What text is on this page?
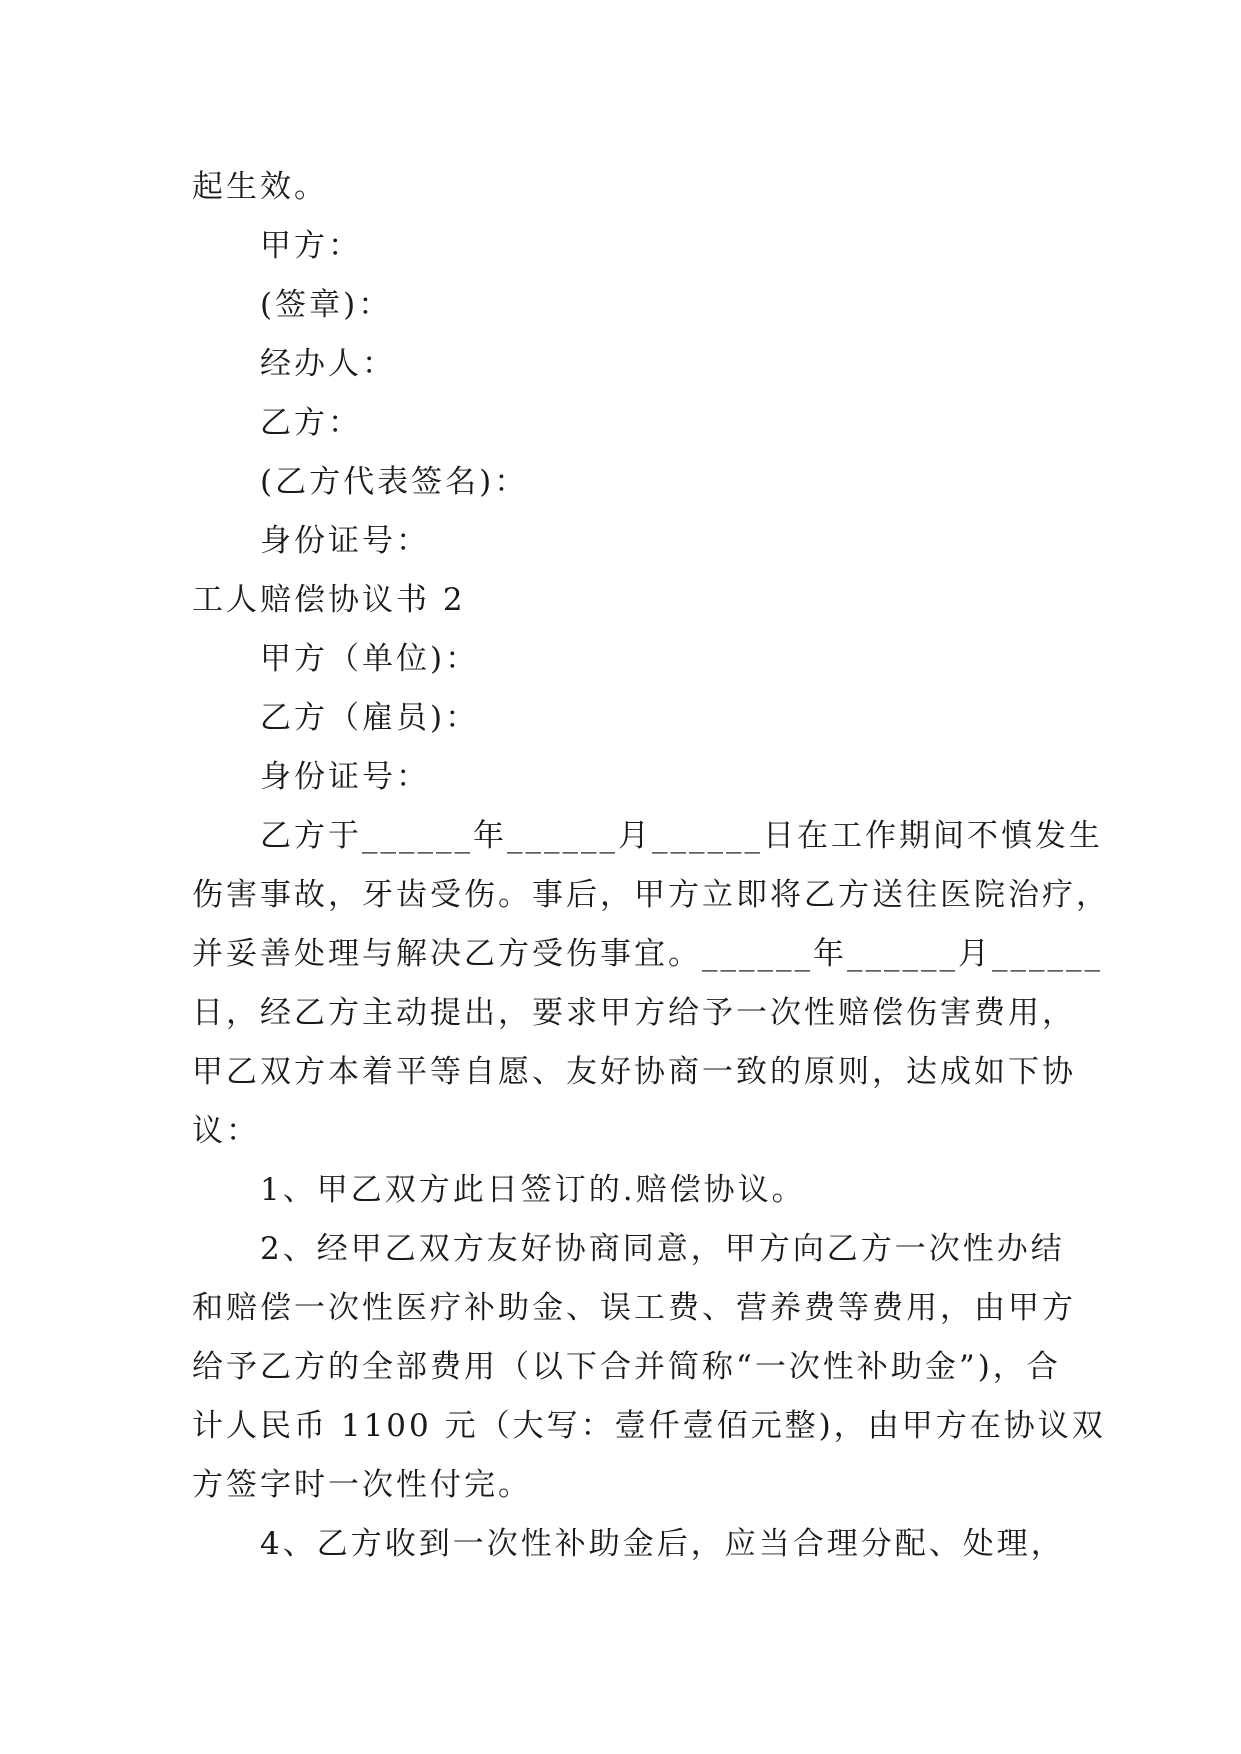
起生效。
甲方：
(签章)：
经办人：
乙方：
(乙方代表签名)：
身份证号：
工人赔偿协议书 2
甲方（单位)：
乙方（雇员)：
身份证号：
乙方于______年______月______日在工作期间不慎发生
伤害事故，牙齿受伤。事后，甲方立即将乙方送往医院治疗，
并妥善处理与解决乙方受伤事宜。______年______月______
日，经乙方主动提出，要求甲方给予一次性赔偿伤害费用，
甲乙双方本着平等自愿、友好协商一致的原则，达成如下协
议：
1、甲乙双方此日签订的.赔偿协议。
2、经甲乙双方友好协商同意，甲方向乙方一次性办结
和赔偿一次性医疗补助金、误工费、营养费等费用，由甲方
给予乙方的全部费用（以下合并简称“一次性补助金”)，合
计人民币 1100 元（大写：壹仟壹佰元整)，由甲方在协议双
方签字时一次性付完。
4、乙方收到一次性补助金后，应当合理分配、处理，
